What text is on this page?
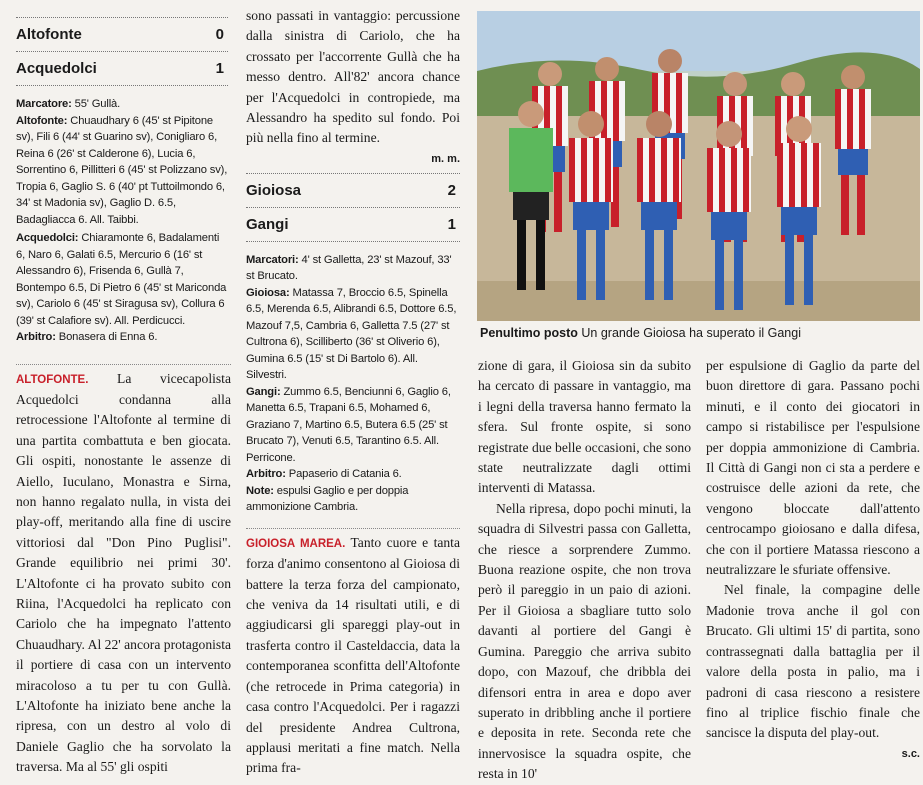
Altofonte	0
Acquedolci	1

Marcatore: 55' Gullà.

Altofonte: Chuaudhary 6 (45' st Pipitone sv), Fili 6 (44' st Guarino sv), Conigliaro 6, Reina 6 (26' st Calderone 6), Lucia 6, Sorrentino 6, Pillitteri 6 (45' st Polizzano sv), Tropia 6, Gaglio S. 6 (40' pt Tuttoilmondo 6, 34' st Madonia sv), Gaglio D. 6.5, Badagliacca 6. All. Taibbi.

Acquedolci: Chiaramonte 6, Badalamenti 6, Naro 6, Galati 6.5, Mercurio 6 (16' st Alessandro 6), Frisenda 6, Gullà 7, Bontempo 6.5, Di Pietro 6 (45' st Mariconda sv), Cariolo 6 (45' st Siragusa sv), Collura 6 (39' st Calafiore sv). All. Perdicucci.

Arbitro: Bonasera di Enna 6.

ALTOFONTE. La vicecapolista Acquedolci condanna alla retrocessione l'Altofonte al termine di una partita combattuta e ben giocata. Gli ospiti, nonostante le assenze di Aiello, Iuculano, Monastra e Sirna, non hanno regalato nulla, in vista dei play-off, meritando alla fine di uscire vittoriosi dal "Don Pino Puglisi". Grande equilibrio nei primi 30'. L'Altofonte ci ha provato subito con Riina, l'Acquedolci ha replicato con Cariolo che ha impegnato l'attento Chuaudhary. Al 22' ancora protagonista il portiere di casa con un intervento miracoloso a tu per tu con Gullà. L'Altofonte ha iniziato bene anche la ripresa, con un destro al volo di Daniele Gaglio che ha sorvolato la traversa. Ma al 55' gli ospiti
sono passati in vantaggio: percussione dalla sinistra di Cariolo, che ha crossato per l'accorrente Gullà che ha messo dentro. All'82' ancora chance per l'Acquedolci in contropiede, ma Alessandro ha spedito sul fondo. Poi più nella fino al termine.
m. m.
Gioiosa	2
Gangi	1

Marcatori: 4' st Galletta, 23' st Mazouf, 33' st Brucato.

Gioiosa: Matassa 7, Broccio 6.5, Spinella 6.5, Merenda 6.5, Alibrandi 6.5, Dottore 6.5, Mazouf 7,5, Cambria 6, Galletta 7.5 (27' st Cultrona 6), Scilliberto (36' st Oliverio 6), Gumina 6.5 (15' st Di Bartolo 6). All. Silvestri.

Gangi: Zummo 6.5, Benciunni 6, Gaglio 6, Manetta 6.5, Trapani 6.5, Mohamed 6, Graziano 7, Martino 6.5, Butera 6.5 (25' st Brucato 7), Venuti 6.5, Tarantino 6.5. All. Perricone.

Arbitro: Papaserio di Catania 6.

Note: espulsi Gaglio e per doppia ammonizione Cambria.

GIOIOSA MAREA. Tanto cuore e tanta forza d'animo consentono al Gioiosa di battere la terza forza del campionato, che veniva da 14 risultati utili, e di aggiudicarsi gli spareggi play-out in trasferta contro il Casteldaccia, data la contemporanea sconfitta dell'Altofonte (che retrocede in Prima categoria) in casa contro l'Acquedolci. Per i ragazzi del presidente Andrea Cultrona, applausi meritati a fine match. Nella prima fra-
Penultimo posto Un grande Gioiosa ha superato il Gangi
zione di gara, il Gioiosa sin da subito ha cercato di passare in vantaggio, ma i legni della traversa hanno fermato la sfera. Sul fronte ospite, si sono registrate due belle occasioni, che sono state neutralizzate dagli ottimi interventi di Matassa.
Nella ripresa, dopo pochi minuti, la squadra di Silvestri passa con Galletta, che riesce a sorprendere Zummo. Buona reazione ospite, che non trova però il pareggio in un paio di azioni. Per il Gioiosa a sbagliare tutto solo davanti al portiere del Gangi è Gumina. Pareggio che arriva subito dopo, con Mazouf, che dribbla dei difensori entra in area e dopo aver superato in dribbling anche il portiere e deposita in rete. Seconda rete che innervosisce la squadra ospite, che resta in 10'
per espulsione di Gaglio da parte del buon direttore di gara. Passano pochi minuti, e il conto dei giocatori in campo si ristabilisce per l'espulsione per doppia ammonizione di Cambria. Il Città di Gangi non ci sta a perdere e costruisce delle azioni da rete, che vengono bloccate dall'attento centrocampo gioiosano e dalla difesa, che con il portiere Matassa riescono a neutralizzare le sfuriate offensive.
Nel finale, la compagine delle Madonie trova anche il gol con Brucato. Gli ultimi 15' di partita, sono contrassegnati dalla battaglia per il valore della posta in palio, ma i padroni di casa riescono a resistere fino al triplice fischio finale che sancisce la disputa del play-out.
s.c.
